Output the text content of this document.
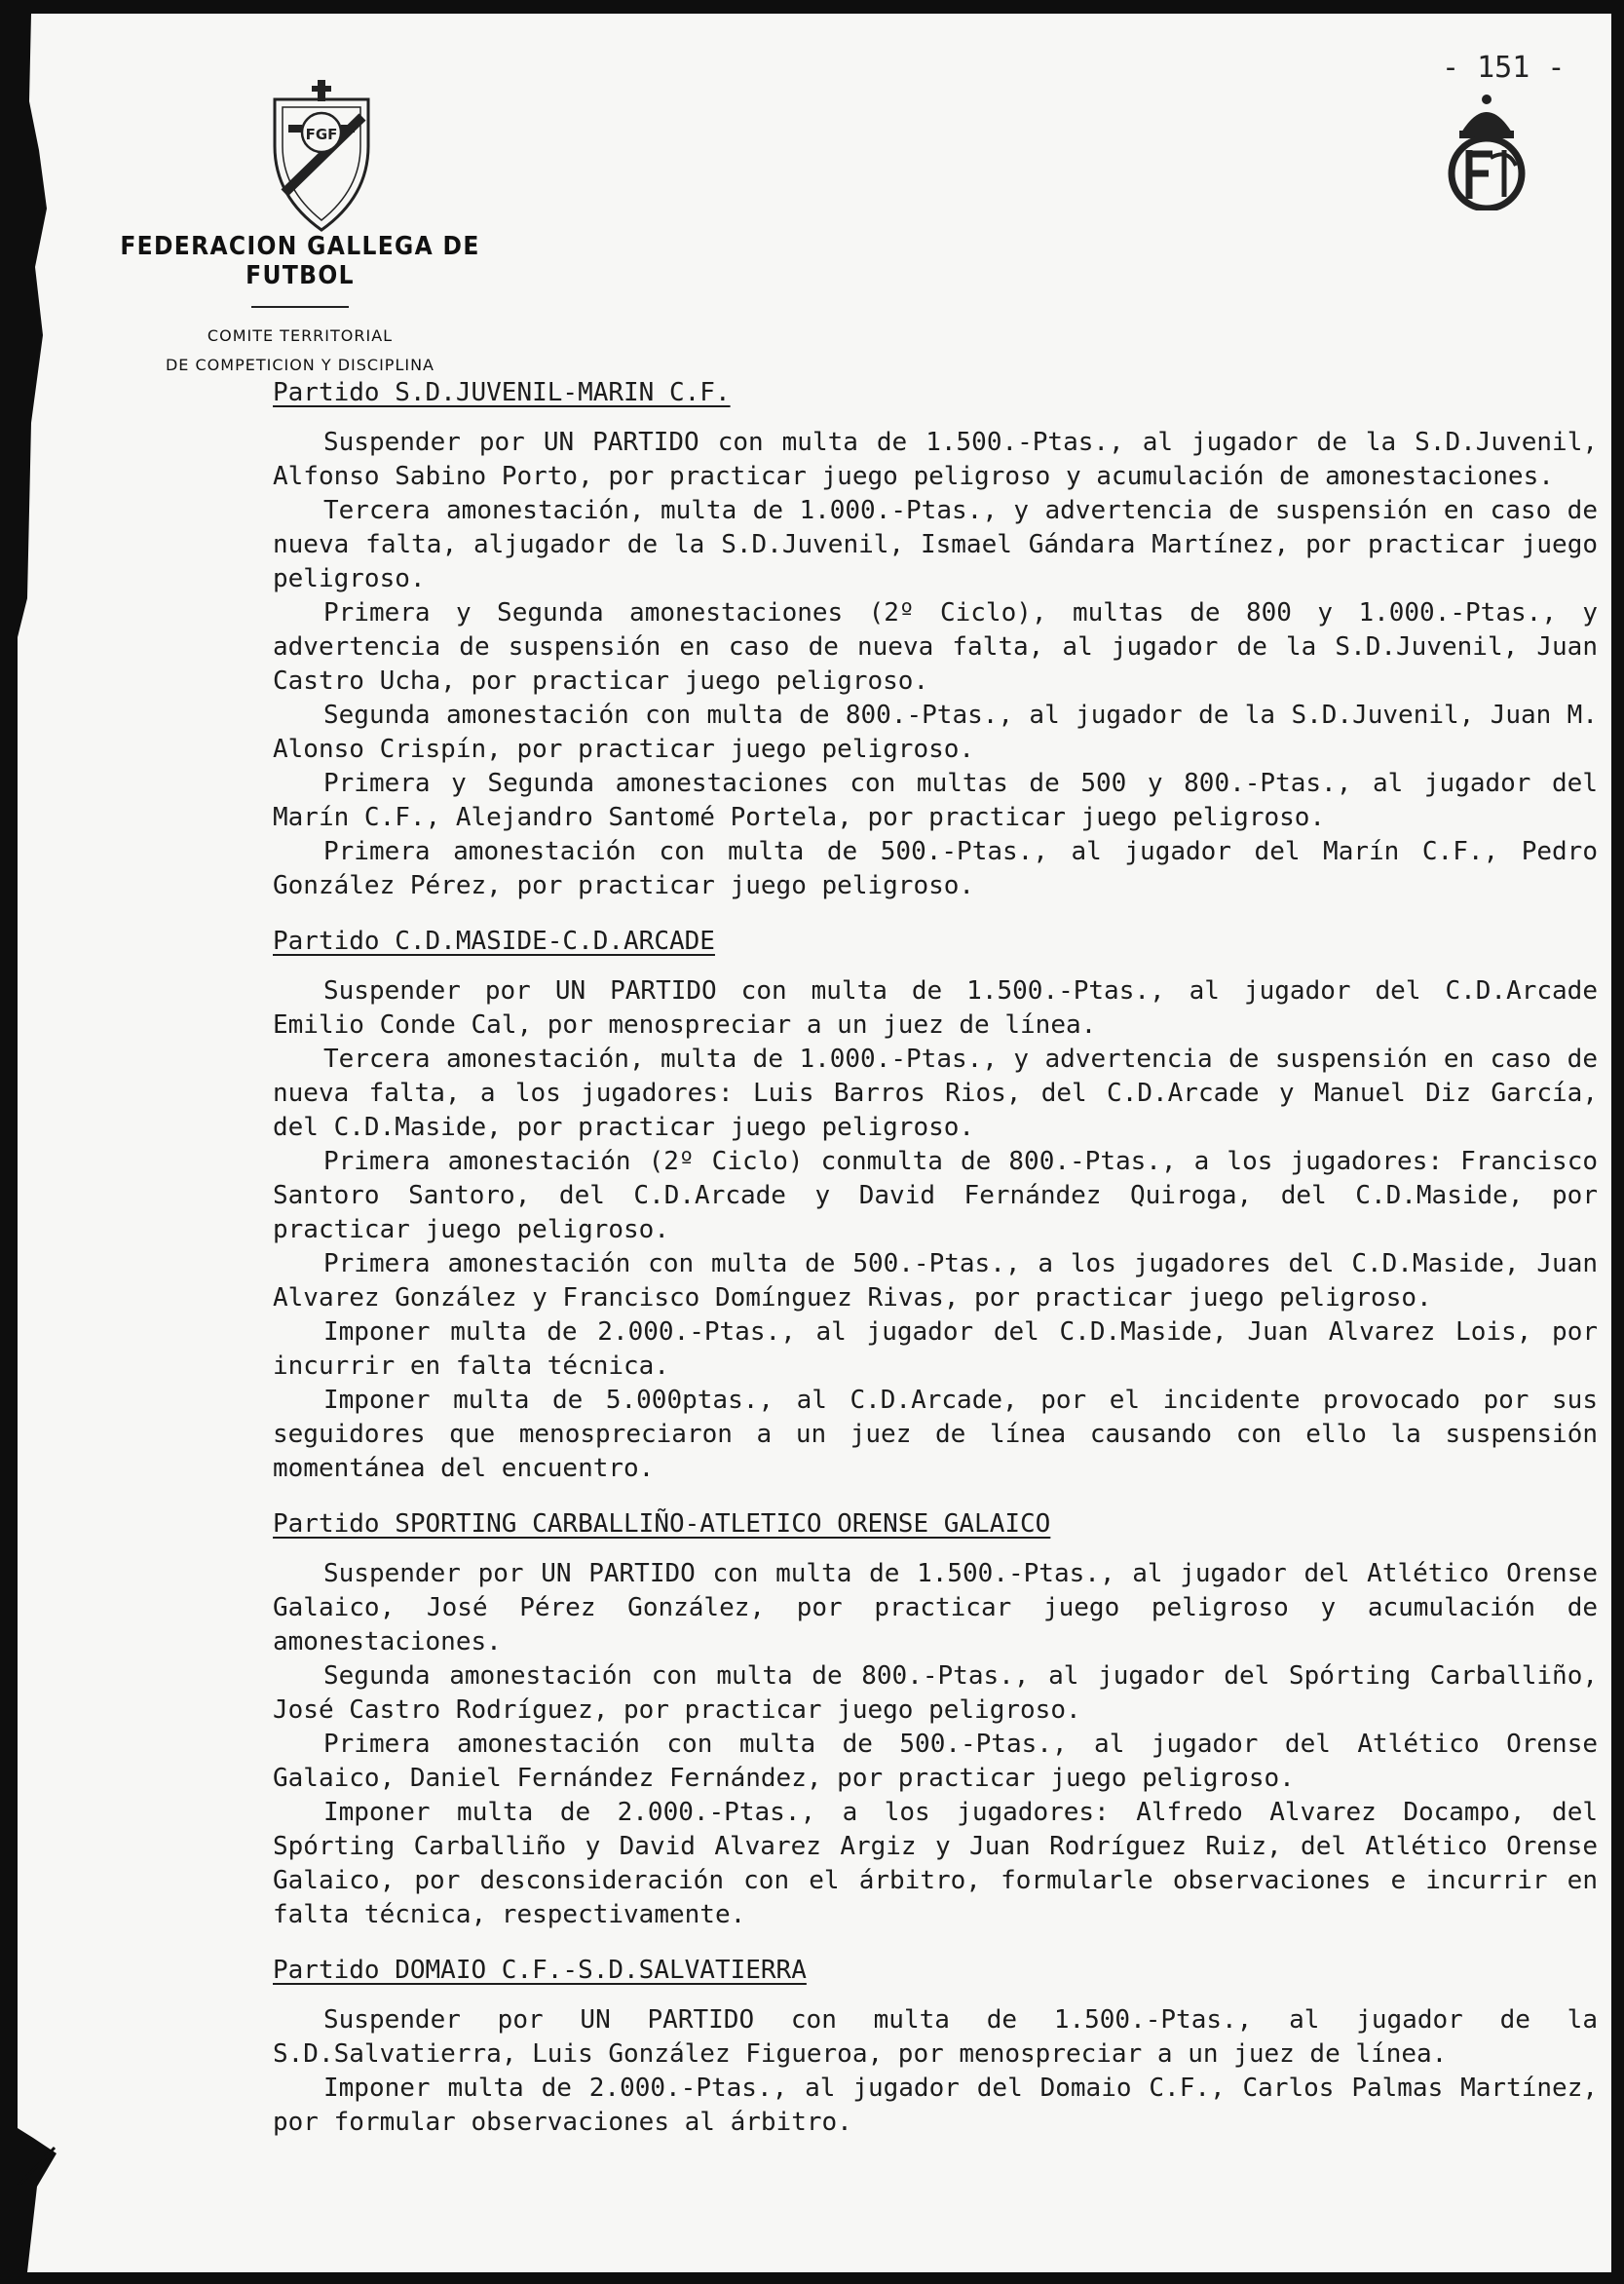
- 151 -
FGF
FEDERACION GALLEGA DE FUTBOL
COMITE TERRITORIAL
DE COMPETICION Y DISCIPLINA
Partido S.D.JUVENIL-MARIN C.F.

Suspender por UN PARTIDO con multa de 1.500.-Ptas., al jugador de la S.D.Juvenil, Alfonso Sabino Porto, por practicar juego peligroso y acumulación de amonestaciones.

Tercera amonestación, multa de 1.000.-Ptas., y advertencia de suspensión en caso de nueva falta, aljugador de la S.D.Juvenil, Ismael Gándara Martínez, por practicar juego peligroso.

Primera y Segunda amonestaciones (2º Ciclo), multas de 800 y 1.000.-Ptas., y advertencia de suspensión en caso de nueva falta, al jugador de la S.D.Juvenil, Juan Castro Ucha, por practicar juego peligroso.

Segunda amonestación con multa de 800.-Ptas., al jugador de la S.D.Juvenil, Juan M. Alonso Crispín, por practicar juego peligroso.

Primera y Segunda amonestaciones con multas de 500 y 800.-Ptas., al jugador del Marín C.F., Alejandro Santomé Portela, por practicar juego peligroso.

Primera amonestación con multa de 500.-Ptas., al jugador del Marín C.F., Pedro González Pérez, por practicar juego peligroso.

Partido C.D.MASIDE-C.D.ARCADE

Suspender por UN PARTIDO con multa de 1.500.-Ptas., al jugador del C.D.Arcade Emilio Conde Cal, por menospreciar a un juez de línea.

Tercera amonestación, multa de 1.000.-Ptas., y advertencia de suspensión en caso de nueva falta, a los jugadores: Luis Barros Rios, del C.D.Arcade y Manuel Diz García, del C.D.Maside, por practicar juego peligroso.

Primera amonestación (2º Ciclo) conmulta de 800.-Ptas., a los jugadores: Francisco Santoro Santoro, del C.D.Arcade y David Fernández Quiroga, del C.D.Maside, por practicar juego peligroso.

Primera amonestación con multa de 500.-Ptas., a los jugadores del C.D.Maside, Juan Alvarez González y Francisco Domínguez Rivas, por practicar juego peligroso.

Imponer multa de 2.000.-Ptas., al jugador del C.D.Maside, Juan Alvarez Lois, por incurrir en falta técnica.

Imponer multa de 5.000ptas., al C.D.Arcade, por el incidente provocado por sus seguidores que menospreciaron a un juez de línea causando con ello la suspensión momentánea del encuentro.

Partido SPORTING CARBALLIÑO-ATLETICO ORENSE GALAICO

Suspender por UN PARTIDO con multa de 1.500.-Ptas., al jugador del Atlético Orense Galaico, José Pérez González, por practicar juego peligroso y acumulación de amonestaciones.

Segunda amonestación con multa de 800.-Ptas., al jugador del Spórting Carballiño, José Castro Rodríguez, por practicar juego peligroso.

Primera amonestación con multa de 500.-Ptas., al jugador del Atlético Orense Galaico, Daniel Fernández Fernández, por practicar juego peligroso.

Imponer multa de 2.000.-Ptas., a los jugadores: Alfredo Alvarez Docampo, del Spórting Carballiño y David Alvarez Argiz y Juan Rodríguez Ruiz, del Atlético Orense Galaico, por desconsideración con el árbitro, formularle observaciones e incurrir en falta técnica, respectivamente.

Partido DOMAIO C.F.-S.D.SALVATIERRA

Suspender por UN PARTIDO con multa de 1.500.-Ptas., al jugador de la S.D.Salvatierra, Luis González Figueroa, por menospreciar a un juez de línea.

Imponer multa de 2.000.-Ptas., al jugador del Domaio C.F., Carlos Palmas Martínez, por formular observaciones al árbitro.
